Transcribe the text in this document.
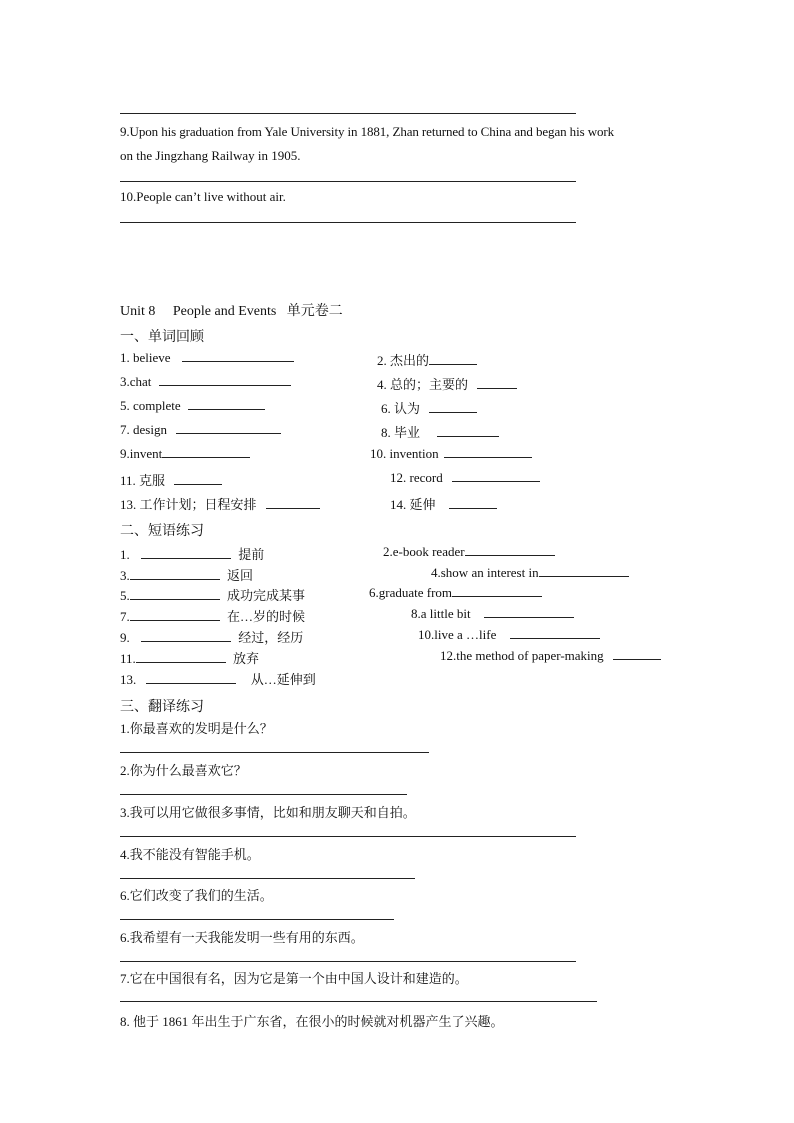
9.Upon his graduation from Yale University in 1881, Zhan returned to China and began his work
on the Jingzhang Railway in 1905.
10.People can’t live without air.
Unit 8     People and Events   单元卷二
一、单词回顾
1. believe	2. 杰出的
3.chat	4. 总的；主要的
5. complete	6. 认为
7. design	8. 毕业
9.invent	10. invention
11. 克服	12. record
13. 工作计划；日程安排	14. 延伸
二、短语练习
1.	提前	2.e-book reader
3.	返回	4.show an interest in
5.	成功完成某事	6.graduate from
7.	在…岁的时候	8.a little bit
9.	经过，经历	10.live a …life
11.	放弃	12.the method of paper-making
13.	从…延伸到
三、翻译练习
1.你最喜欢的发明是什么？
2.你为什么最喜欢它？
3.我可以用它做很多事情，比如和朋友聊天和自拍。
4.我不能没有智能手机。
6.它们改变了我们的生活。
6.我希望有一天我能发明一些有用的东西。
7.它在中国很有名，因为它是第一个由中国人设计和建造的。
8. 他于 1861 年出生于广东省，在很小的时候就对机器产生了兴趣。
